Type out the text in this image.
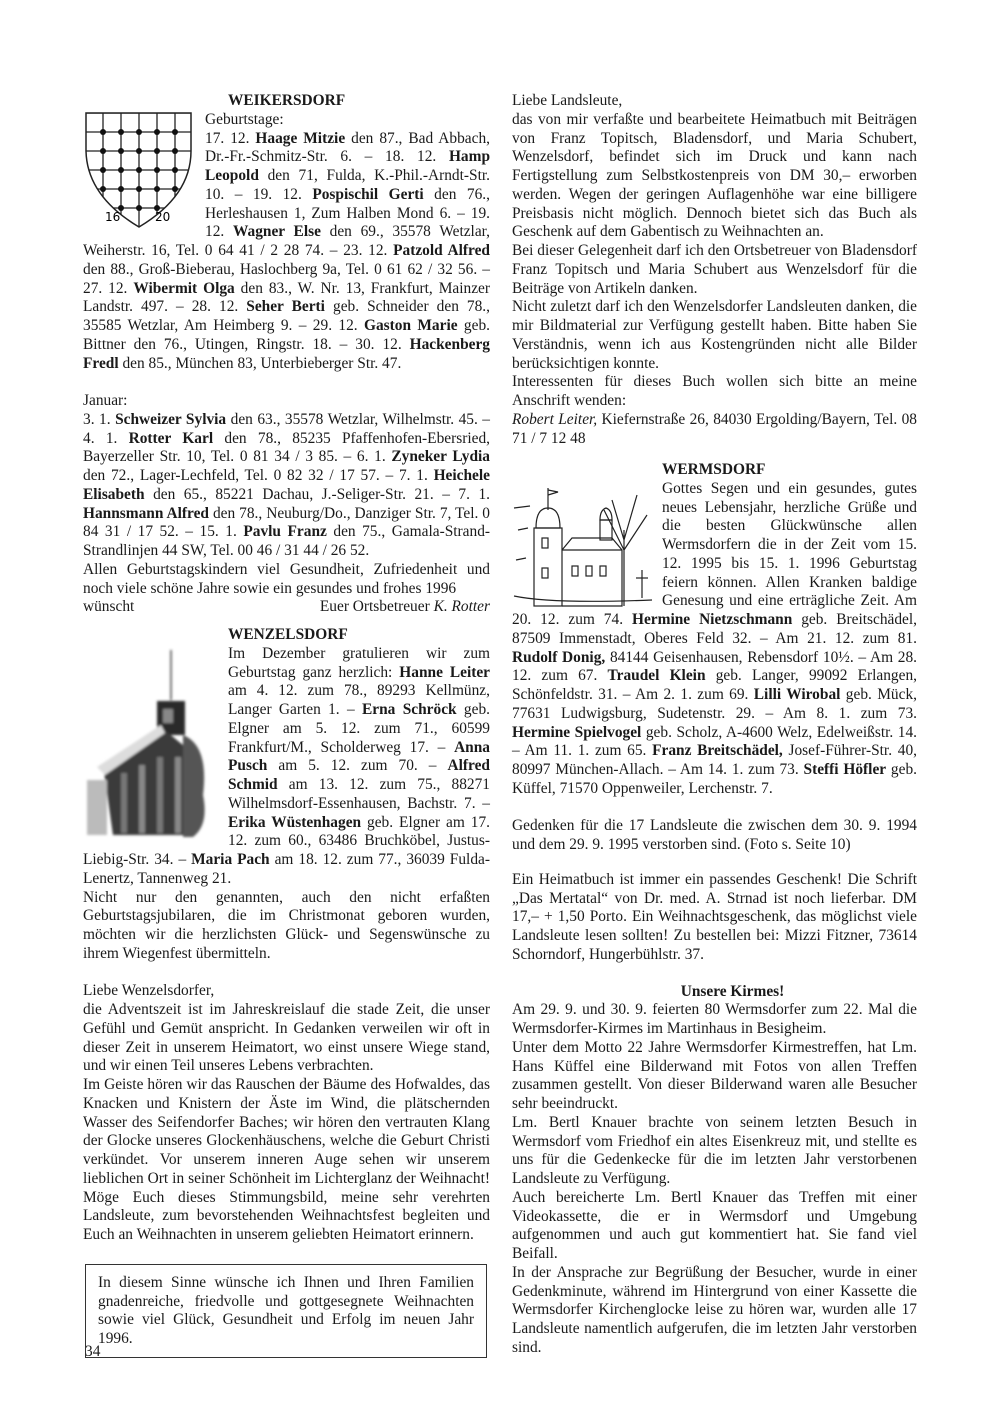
WEIKERSDORF
16	20

Geburtstage:

17. 12. Haage Mitzie den 87., Bad Abbach, Dr.-Fr.-Schmitz-Str. 6. – 18. 12. Hamp Leopold den 71, Fulda, K.-Phil.-Arndt-Str. 10. – 19. 12. Pospischil Gerti den 76., Herleshausen 1, Zum Halben Mond 6. – 19. 12. Wagner Else den 69., 35578 Wetzlar, Weiherstr. 16, Tel. 0 64 41 / 2 28 74. – 23. 12. Patzold Alfred den 88., Groß-Bieberau, Haslochberg 9a, Tel. 0 61 62 / 32 56. – 27. 12. Wibermit Olga den 83., W. Nr. 13, Frankfurt, Mainzer Landstr. 497. – 28. 12. Seher Berti geb. Schneider den 78., 35585 Wetzlar, Am Heimberg 9. – 29. 12. Gaston Marie geb. Bittner den 76., Utingen, Ringstr. 18. – 30. 12. Hackenberg Fredl den 85., München 83, Unterbieberger Str. 47.

Januar:

3. 1. Schweizer Sylvia den 63., 35578 Wetzlar, Wilhelmstr. 45. – 4. 1. Rotter Karl den 78., 85235 Pfaffenhofen-Ebersried, Bayerzeller Str. 10, Tel. 0 81 34 / 3 85. – 6. 1. Zyneker Lydia den 72., Lager-Lechfeld, Tel. 0 82 32 / 17 57. – 7. 1. Heichele Elisabeth den 65., 85221 Dachau, J.-Seliger-Str. 21. – 7. 1. Hannsmann Alfred den 78., Neuburg/Do., Danziger Str. 7, Tel. 0 84 31 / 17 52. – 15. 1. Pavlu Franz den 75., Gamala-Strand-Strandlinjen 44 SW, Tel. 00 46 / 31 44 / 26 52.

Allen Geburtstagskindern viel Gesundheit, Zufriedenheit und noch viele schöne Jahre sowie ein gesundes und frohes 1996

wünscht	Euer Ortsbetreuer K. Rotter
WENZELSDORF

Im Dezember gratulieren wir zum Geburtstag ganz herzlich: Hanne Leiter am 4. 12. zum 78., 89293 Kellmünz, Langer Garten 1. – Erna Schröck geb. Elgner am 5. 12. zum 71., 60599 Frankfurt/M., Scholderweg 17. – Anna Pusch am 5. 12. zum 70. – Alfred Schmid am 13. 12. zum 75., 88271 Wilhelmsdorf-Essenhausen, Bachstr. 7. – Erika Wüstenhagen geb. Elgner am 17. 12. zum 60., 63486 Bruchköbel, Justus-Liebig-Str. 34. – Maria Pach am 18. 12. zum 77., 36039 Fulda-Lenertz, Tannenweg 21.

Nicht nur den genannten, auch den nicht erfaßten Geburtstagsjubilaren, die im Christmonat geboren wurden, möchten wir die herzlichsten Glück- und Segenswünsche zu ihrem Wiegenfest übermitteln.

Liebe Wenzelsdorfer,

die Adventszeit ist im Jahreskreislauf die stade Zeit, die unser Gefühl und Gemüt anspricht. In Gedanken verweilen wir oft in dieser Zeit in unserem Heimatort, wo einst unsere Wiege stand, und wir einen Teil unseres Lebens verbrachten.

Im Geiste hören wir das Rauschen der Bäume des Hofwaldes, das Knacken und Knistern der Äste im Wind, die plätschernden Wasser des Seifendorfer Baches; wir hören den vertrauten Klang der Glocke unseres Glockenhäuschens, welche die Geburt Christi verkündet. Vor unserem inneren Auge sehen wir unserem lieblichen Ort in seiner Schönheit im Lichterglanz der Weihnacht! Möge Euch dieses Stimmungsbild, meine sehr verehrten Landsleute, zum bevorstehenden Weihnachtsfest begleiten und Euch an Weihnachten in unserem geliebten Heimatort erinnern.

In diesem Sinne wünsche ich Ihnen und Ihren Familien gnadenreiche, friedvolle und gottgesegnete Weihnachten sowie viel Glück, Gesundheit und Erfolg im neuen Jahr 1996.

34

Liebe Landsleute,

das von mir verfaßte und bearbeitete Heimatbuch mit Beiträgen von Franz Topitsch, Bladensdorf, und Maria Schubert, Wenzelsdorf, befindet sich im Druck und kann nach Fertigstellung zum Selbstkostenpreis von DM 30,– erworben werden. Wegen der geringen Auflagenhöhe war eine billigere Preisbasis nicht möglich. Dennoch bietet sich das Buch als Geschenk auf dem Gabentisch zu Weihnachten an.

Bei dieser Gelegenheit darf ich den Ortsbetreuer von Bladensdorf Franz Topitsch und Maria Schubert aus Wenzelsdorf für die Beiträge von Artikeln danken.

Nicht zuletzt darf ich den Wenzelsdorfer Landsleuten danken, die mir Bildmaterial zur Verfügung gestellt haben. Bitte haben Sie Verständnis, wenn ich aus Kostengründen nicht alle Bilder berücksichtigen konnte.

Interessenten für dieses Buch wollen sich bitte an meine Anschrift wenden:

Robert Leiter, Kiefernstraße 26, 84030 Ergolding/Bayern, Tel. 08 71 / 7 12 48

WERMSDORF

Gottes Segen und ein gesundes, gutes neues Lebensjahr, herzliche Grüße und die besten Glückwünsche allen Wermsdorfern die in der Zeit vom 15. 12. 1995 bis 15. 1. 1996 Geburtstag feiern können. Allen Kranken baldige Genesung und eine erträgliche Zeit. Am 20. 12. zum 74. Hermine Nietzschmann geb. Breitschädel, 87509 Immenstadt, Oberes Feld 32. – Am 21. 12. zum 81. Rudolf Donig, 84144 Geisenhausen, Rebensdorf 10½. – Am 28. 12. zum 67. Traudel Klein geb. Langer, 99092 Erlangen, Schönfeldstr. 31. – Am 2. 1. zum 69. Lilli Wirobal geb. Mück, 77631 Ludwigsburg, Sudetenstr. 29. – Am 8. 1. zum 73. Hermine Spielvogel geb. Scholz, A-4600 Welz, Edelweißstr. 14. – Am 11. 1. zum 65. Franz Breitschädel, Josef-Führer-Str. 40, 80997 München-Allach. – Am 14. 1. zum 73. Steffi Höfler geb. Küffel, 71570 Oppenweiler, Lerchenstr. 7.

Gedenken für die 17 Landsleute die zwischen dem 30. 9. 1994 und dem 29. 9. 1995 verstorben sind. (Foto s. Seite 10)

Ein Heimatbuch ist immer ein passendes Geschenk! Die Schrift „Das Mertatal“ von Dr. med. A. Strnad ist noch lieferbar. DM 17,– + 1,50 Porto. Ein Weihnachtsgeschenk, das möglichst viele Landsleute lesen sollten! Zu bestellen bei: Mizzi Fitzner, 73614 Schorndorf, Hungerbühlstr. 37.

Unsere Kirmes!

Am 29. 9. und 30. 9. feierten 80 Wermsdorfer zum 22. Mal die Wermsdorfer-Kirmes im Martinhaus in Besigheim.

Unter dem Motto 22 Jahre Wermsdorfer Kirmestreffen, hat Lm. Hans Küffel eine Bilderwand mit Fotos von allen Treffen zusammen gestellt. Von dieser Bilderwand waren alle Besucher sehr beeindruckt.

Lm. Bertl Knauer brachte von seinem letzten Besuch in Wermsdorf vom Friedhof ein altes Eisenkreuz mit, und stellte es uns für die Gedenkecke für die im letzten Jahr verstorbenen Landsleute zu Verfügung.

Auch bereicherte Lm. Bertl Knauer das Treffen mit einer Videokassette, die er in Wermsdorf und Umgebung aufgenommen und auch gut kommentiert hat. Sie fand viel Beifall.

In der Ansprache zur Begrüßung der Besucher, wurde in einer Gedenkminute, während im Hintergrund von einer Kassette die Wermsdorfer Kirchenglocke leise zu hören war, wurden alle 17 Landsleute namentlich aufgerufen, die im letzten Jahr verstorben sind.
